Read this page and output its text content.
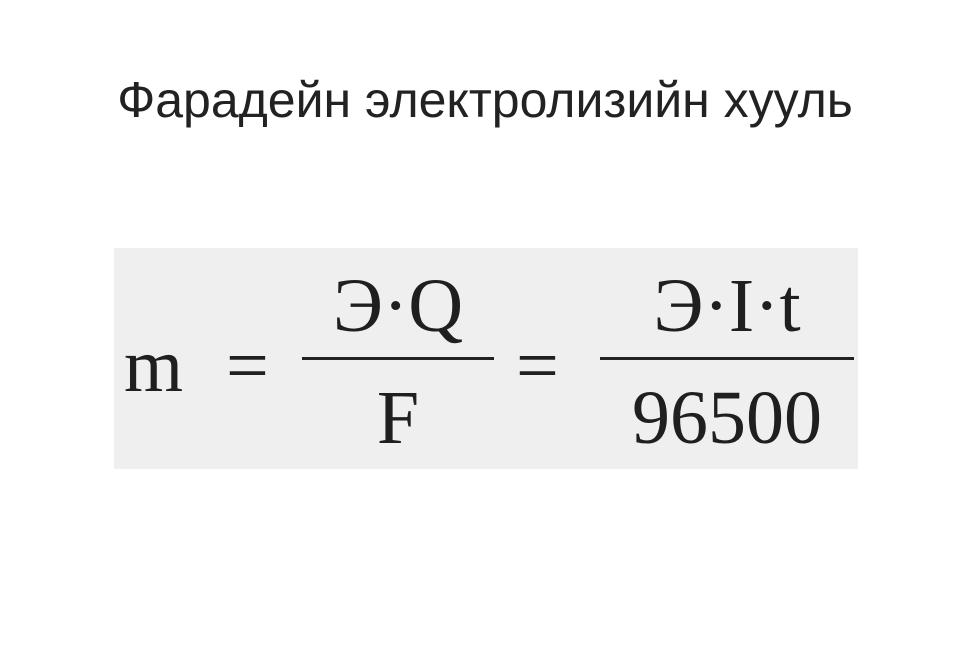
Фарадейн электролизийн хууль
m =
Э·Q
F
=
Э·I·t
96500
